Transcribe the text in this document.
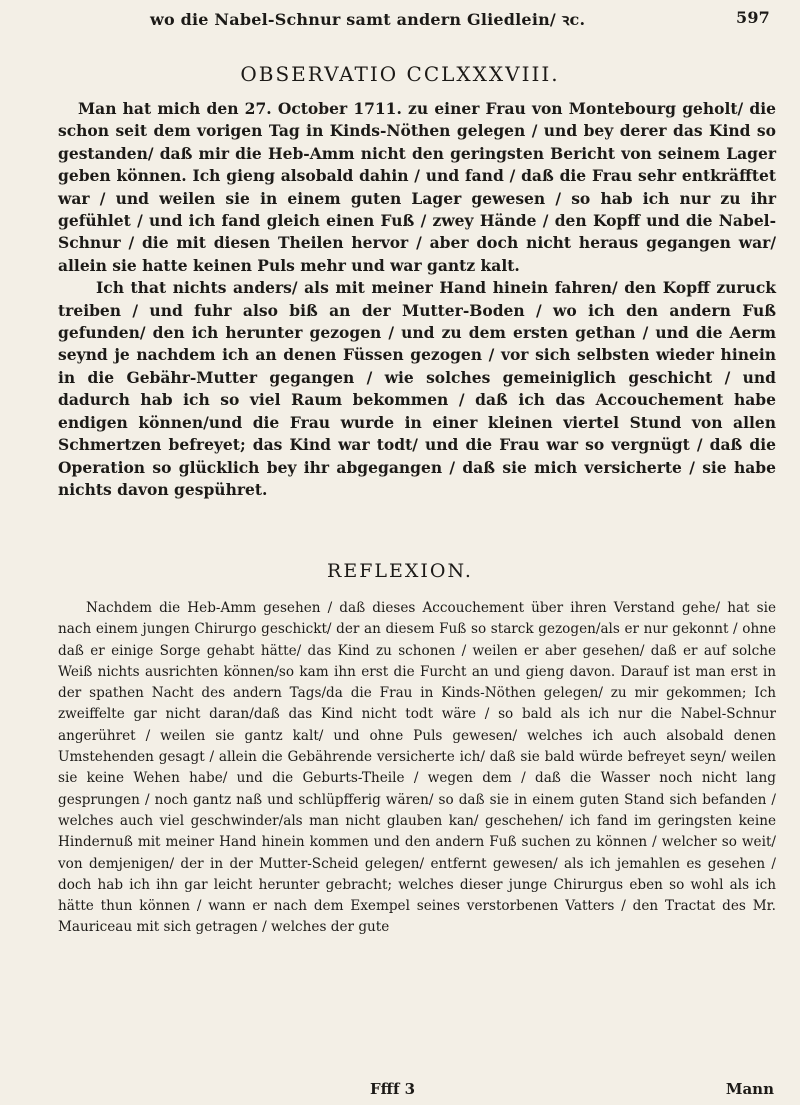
wo die Nabel-Schnur samt andern Gliedlein/ ꝛc.	597
OBSERVATIO CCLXXXVIII.

Man hat mich den 27. October 1711. zu einer Frau von Montebourg geholt/ die schon seit dem vorigen Tag in Kinds-Nöthen gelegen / und bey derer das Kind so gestanden/ daß mir die Heb-Amm nicht den geringsten Bericht von seinem Lager geben können. Ich gieng alsobald dahin / und fand / daß die Frau sehr entkräfftet war / und weilen sie in einem guten Lager gewesen / so hab ich nur zu ihr gefühlet / und ich fand gleich einen Fuß / zwey Hände / den Kopff und die Nabel-Schnur / die mit diesen Theilen hervor / aber doch nicht heraus gegangen war/ allein sie hatte keinen Puls mehr und war gantz kalt.

Ich that nichts anders/ als mit meiner Hand hinein fahren/ den Kopff zuruck treiben / und fuhr also biß an der Mutter-Boden / wo ich den andern Fuß gefunden/ den ich herunter gezogen / und zu dem ersten gethan / und die Aerm seynd je nachdem ich an denen Füssen gezogen / vor sich selbsten wieder hinein in die Gebähr-Mutter gegangen / wie solches gemeiniglich geschicht / und dadurch hab ich so viel Raum bekommen / daß ich das Accouchement habe endigen können/und die Frau wurde in einer kleinen viertel Stund von allen Schmertzen befreyet; das Kind war todt/ und die Frau war so vergnügt / daß die Operation so glücklich bey ihr abgegangen / daß sie mich versicherte / sie habe nichts davon gespühret.

REFLEXION.

Nachdem die Heb-Amm gesehen / daß dieses Accouchement über ihren Verstand gehe/ hat sie nach einem jungen Chirurgo geschickt/ der an diesem Fuß so starck gezogen/als er nur gekonnt / ohne daß er einige Sorge gehabt hätte/ das Kind zu schonen / weilen er aber gesehen/ daß er auf solche Weiß nichts ausrichten können/so kam ihn erst die Furcht an und gieng davon. Darauf ist man erst in der spathen Nacht des andern Tags/da die Frau in Kinds-Nöthen gelegen/ zu mir gekommen; Ich zweiffelte gar nicht daran/daß das Kind nicht todt wäre / so bald als ich nur die Nabel-Schnur angerühret / weilen sie gantz kalt/ und ohne Puls gewesen/ welches ich auch alsobald denen Umstehenden gesagt / allein die Gebährende versicherte ich/ daß sie bald würde befreyet seyn/ weilen sie keine Wehen habe/ und die Geburts-Theile / wegen dem / daß die Wasser noch nicht lang gesprungen / noch gantz naß und schlüpfferig wären/ so daß sie in einem guten Stand sich befanden / welches auch viel geschwinder/als man nicht glauben kan/ geschehen/ ich fand im geringsten keine Hindernuß mit meiner Hand hinein kommen und den andern Fuß suchen zu können / welcher so weit/ von demjenigen/ der in der Mutter-Scheid gelegen/ entfernt gewesen/ als ich jemahlen es gesehen / doch hab ich ihn gar leicht herunter gebracht; welches dieser junge Chirurgus eben so wohl als ich hätte thun können / wann er nach dem Exempel seines verstorbenen Vatters / den Tractat des Mr. Mauriceau mit sich getragen / welches der gute

Ffff 3	Mann
